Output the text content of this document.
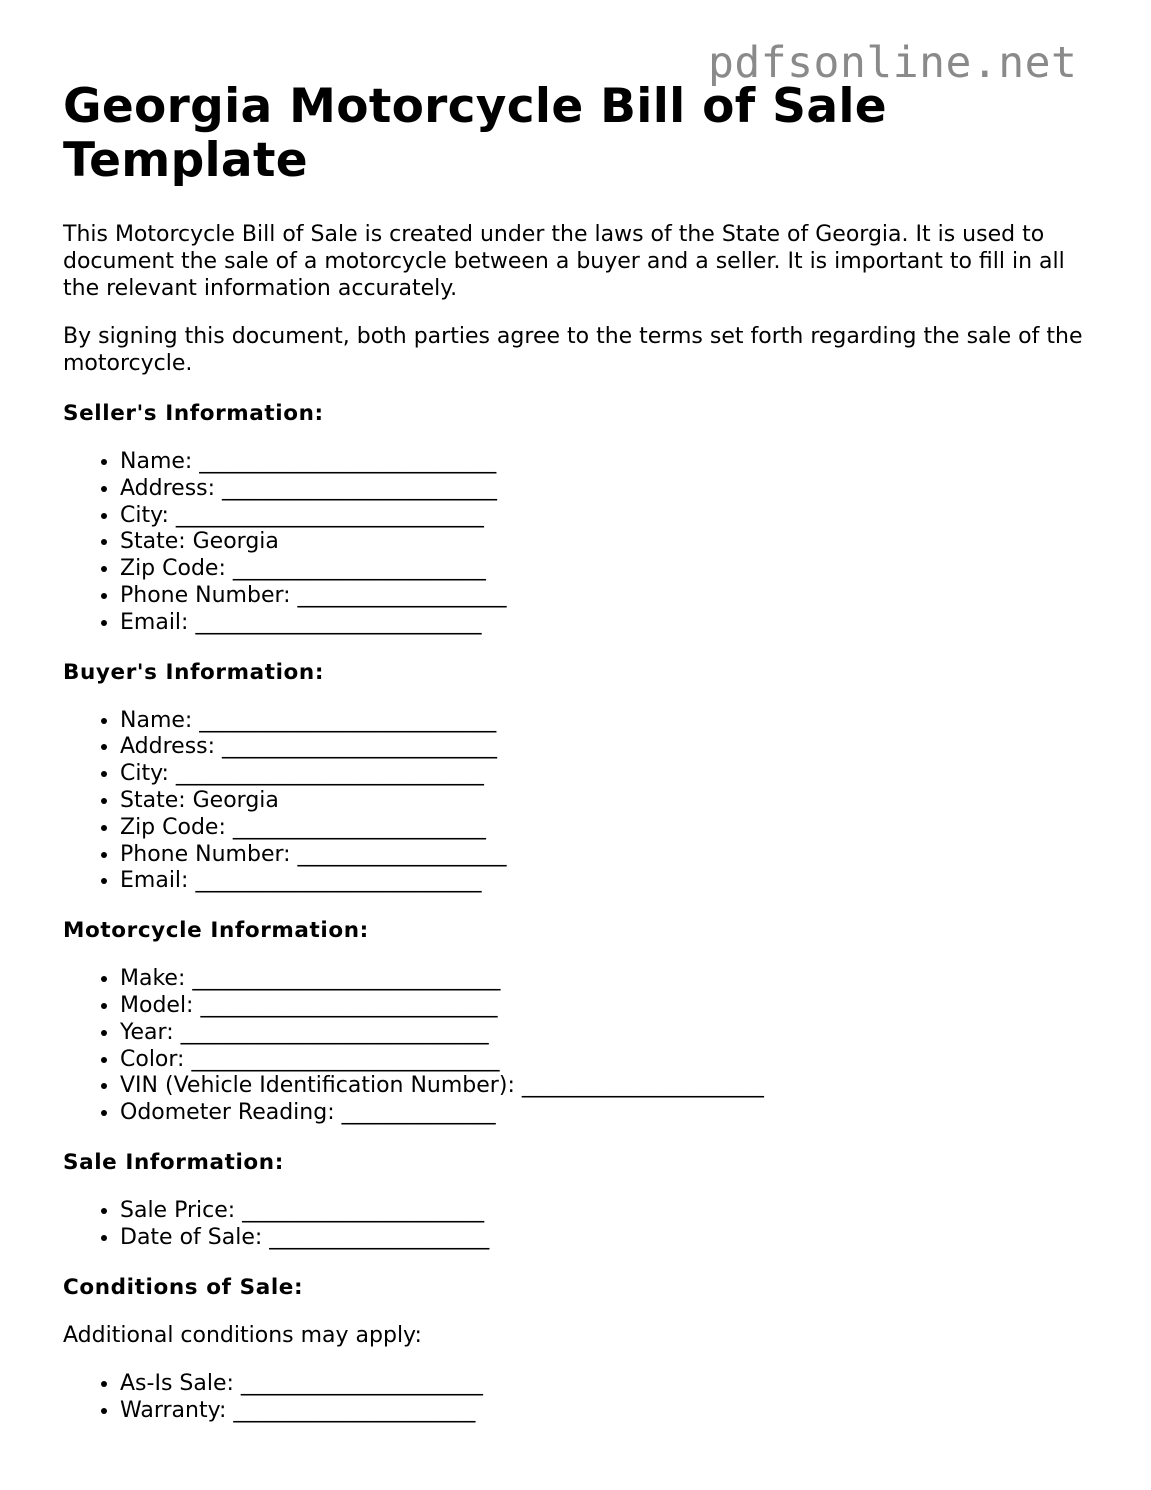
pdfsonline.net
Georgia Motorcycle Bill of Sale Template

This Motorcycle Bill of Sale is created under the laws of the State of Georgia. It is used to document the sale of a motorcycle between a buyer and a seller. It is important to fill in all the relevant information accurately.

By signing this document, both parties agree to the terms set forth regarding the sale of the motorcycle.

Seller's Information:
• Name: ___________________________
• Address: _________________________
• City: ____________________________
• State: Georgia
• Zip Code: _______________________
• Phone Number: ___________________
• Email: __________________________
Buyer's Information:
• Name: ___________________________
• Address: _________________________
• City: ____________________________
• State: Georgia
• Zip Code: _______________________
• Phone Number: ___________________
• Email: __________________________
Motorcycle Information:
• Make: ____________________________
• Model: ___________________________
• Year: ____________________________
• Color: ____________________________
• VIN (Vehicle Identification Number): ______________________
• Odometer Reading: ______________
Sale Information:
• Sale Price: ______________________
• Date of Sale: ____________________
Conditions of Sale:

Additional conditions may apply:

• As-Is Sale: ______________________
• Warranty: ______________________
